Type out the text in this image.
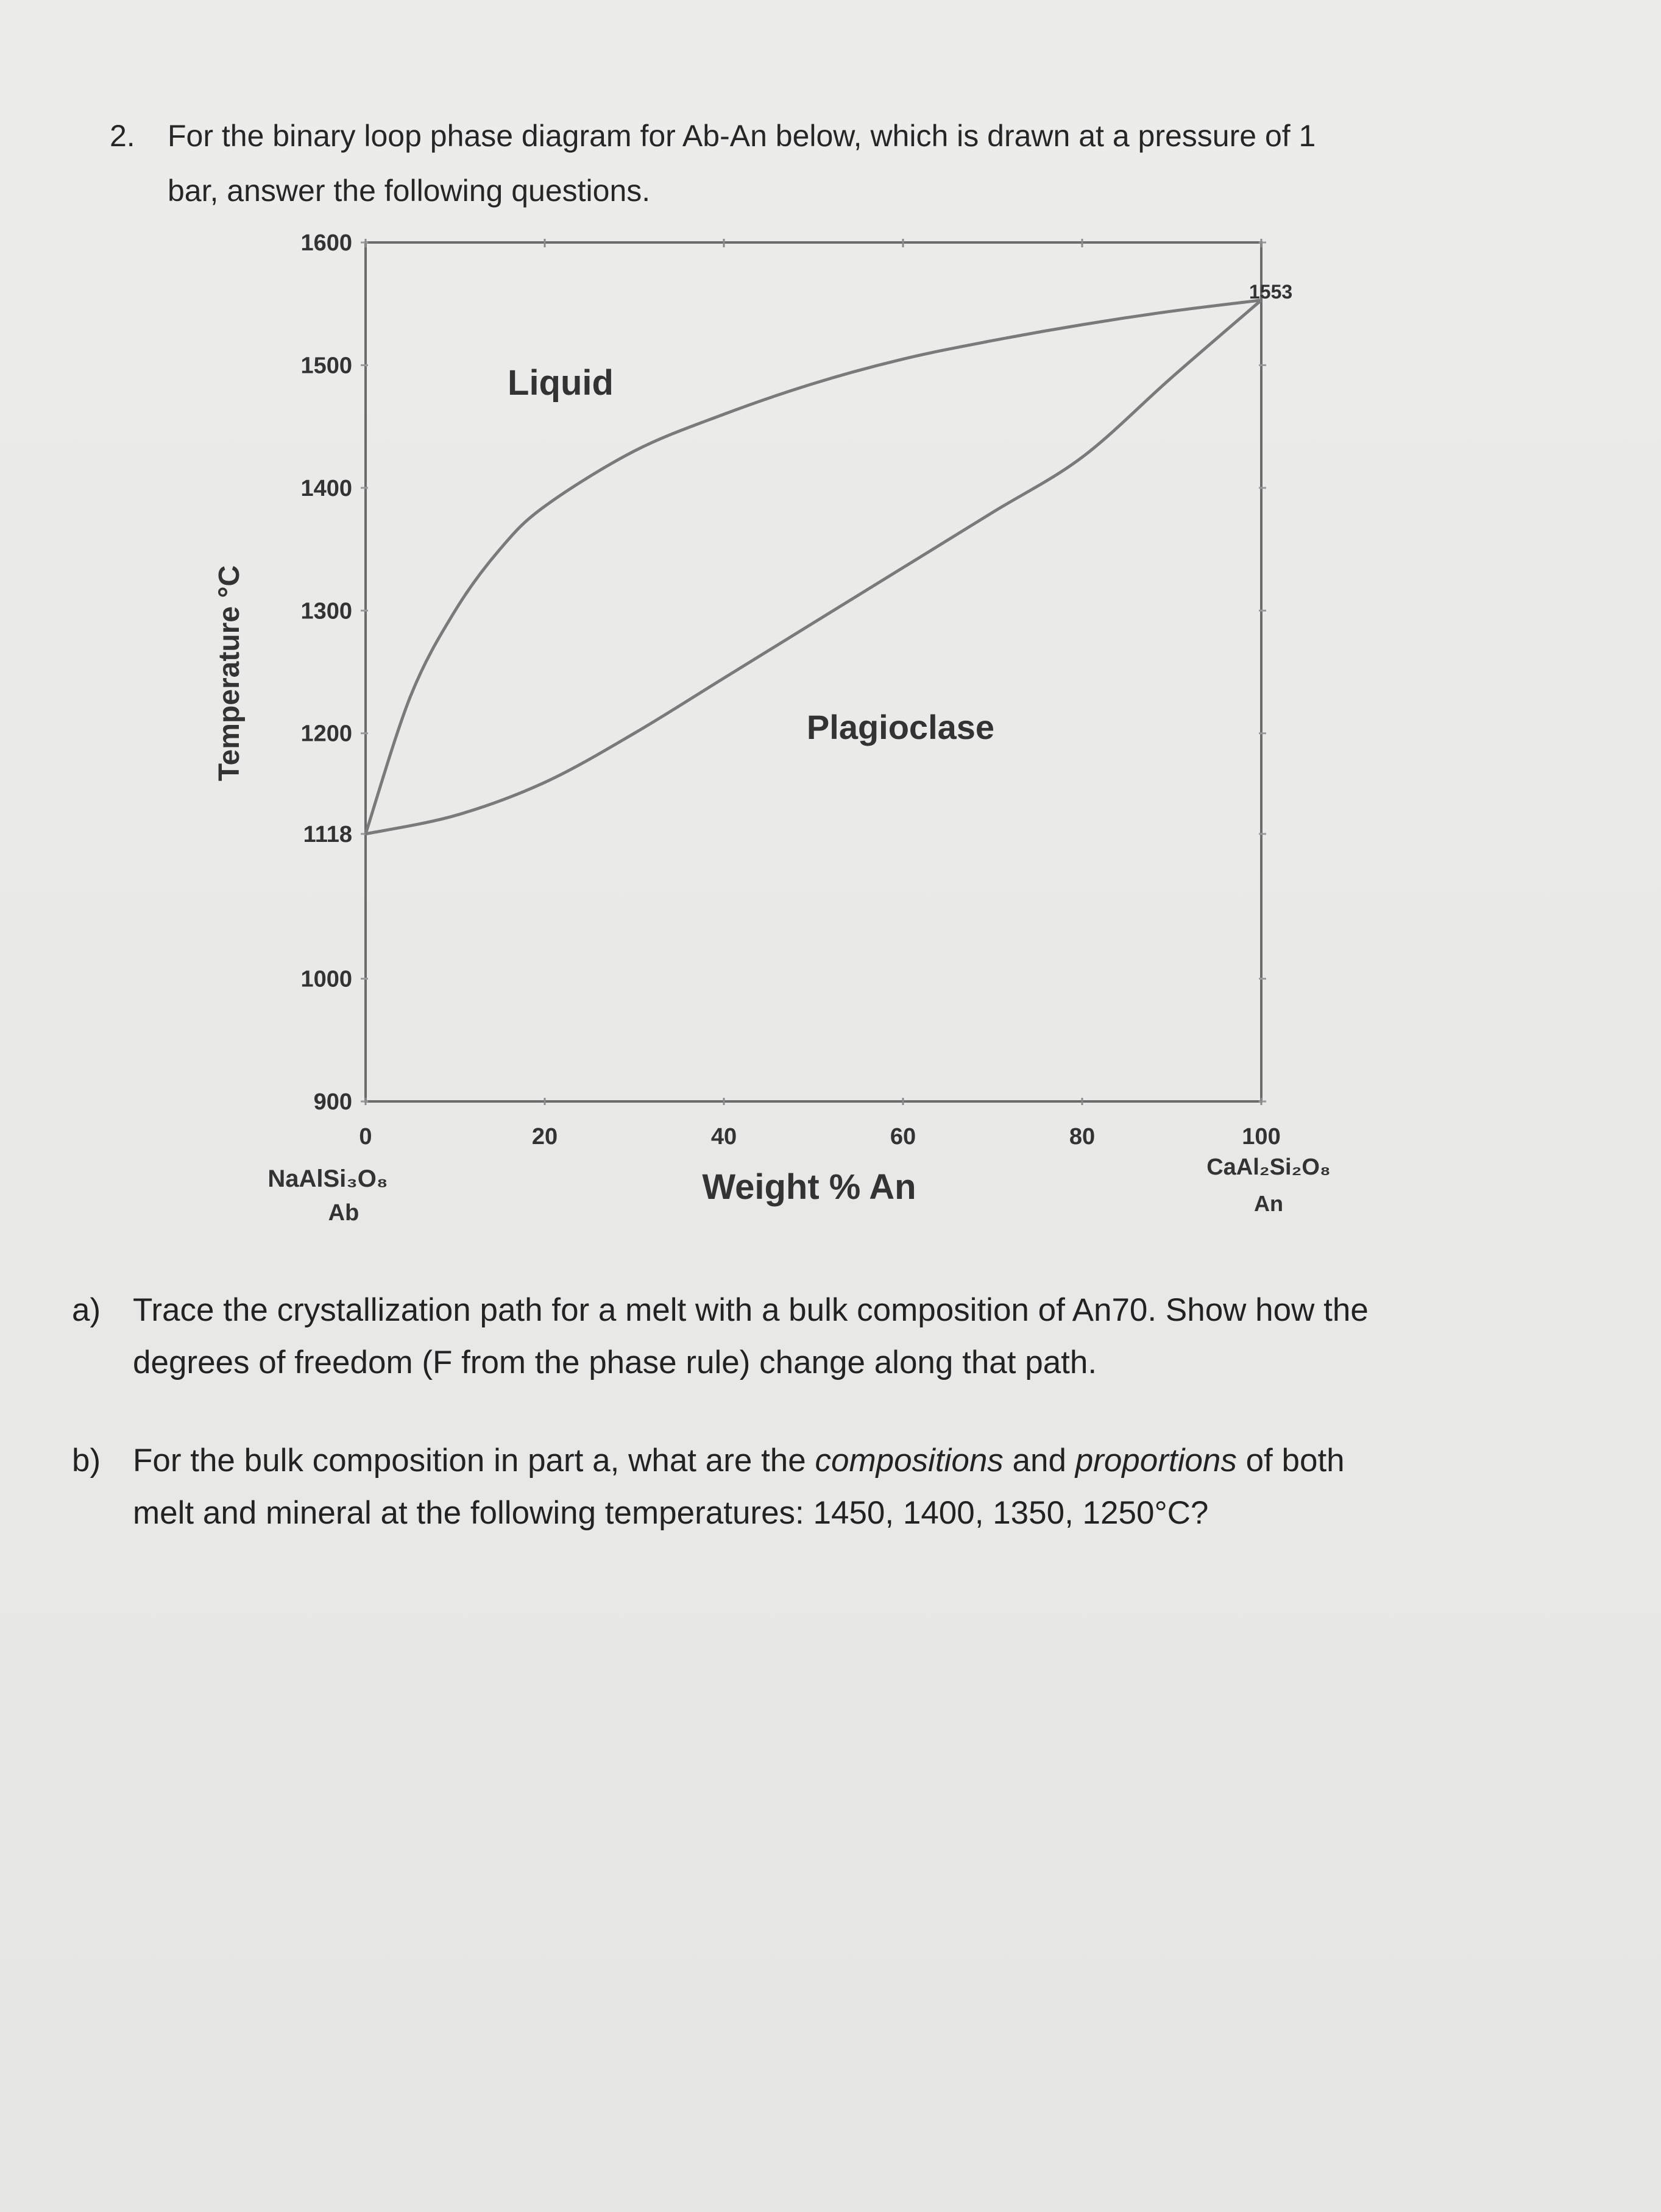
2. For the binary loop phase diagram for Ab-An below, which is drawn at a pressure of 1
bar, answer the following questions.
1600
1500
1400
1300
1200
1118
1000
900
0	20	40	60	80	100
Temperature °C
Liquid
Plagioclase
1553
Weight % An
NaAlSi₃O₈
Ab
CaAl₂Si₂O₈
An
a) Trace the crystallization path for a melt with a bulk composition of An70. Show how the
degrees of freedom (F from the phase rule) change along that path.
b) For the bulk composition in part a, what are the compositions and proportions of both
melt and mineral at the following temperatures: 1450, 1400, 1350, 1250°C?
